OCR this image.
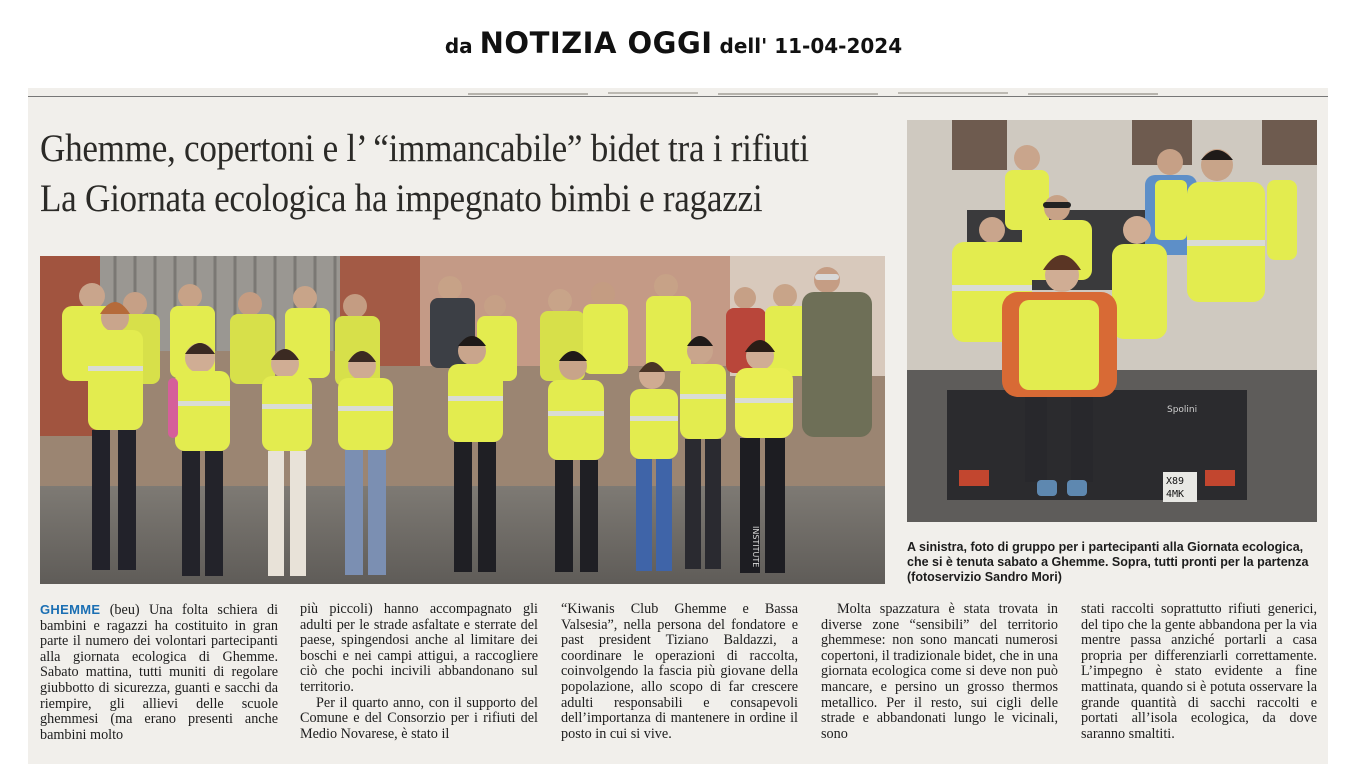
da NOTIZIA OGGI dell' 11-04-2024
Ghemme, copertoni e l’ “immancabile” bidet tra i rifiuti
La Giornata ecologica ha impegnato bimbi e ragazzi
INSTITUTE
X89
4MK
Spolini
A sinistra, foto di gruppo per i partecipanti alla Giornata ecologica, che si è tenuta sabato a Ghemme. Sopra, tutti pronti per la partenza (fotoservizio Sandro Mori)
GHEMME (beu) Una folta schiera di bambini e ragazzi ha costituito in gran parte il numero dei volontari partecipanti alla giornata ecologica di Ghemme. Sabato mattina, tutti muniti di regolare giubbotto di sicurezza, guanti e sacchi da riempire, gli allievi delle scuole ghemmesi (ma erano presenti anche bambini molto
più piccoli) hanno accompagnato gli adulti per le strade asfaltate e sterrate del paese, spingendosi anche al limitare dei boschi e nei campi attigui, a raccogliere ciò che pochi incivili abbandonano sul territorio.
Per il quarto anno, con il supporto del Comune e del Consorzio per i rifiuti del Medio Novarese, è stato il
“Kiwanis Club Ghemme e Bassa Valsesia”, nella persona del fondatore e past president Tiziano Baldazzi, a coordinare le operazioni di raccolta, coinvolgendo la fascia più giovane della popolazione, allo scopo di far crescere adulti responsabili e consapevoli dell’importanza di mantenere in ordine il posto in cui si vive.
Molta spazzatura è stata trovata in diverse zone “sensibili” del territorio ghemmese: non sono mancati numerosi copertoni, il tradizionale bidet, che in una giornata ecologica come si deve non può mancare, e persino un grosso thermos metallico. Per il resto, sui cigli delle strade e abbandonati lungo le vicinali, sono
stati raccolti soprattutto rifiuti generici, del tipo che la gente abbandona per la via mentre passa anziché portarli a casa propria per differenziarli correttamente. L’impegno è stato evidente a fine mattinata, quando si è potuta osservare la grande quantità di sacchi raccolti e portati all’isola ecologica, da dove saranno smaltiti.
